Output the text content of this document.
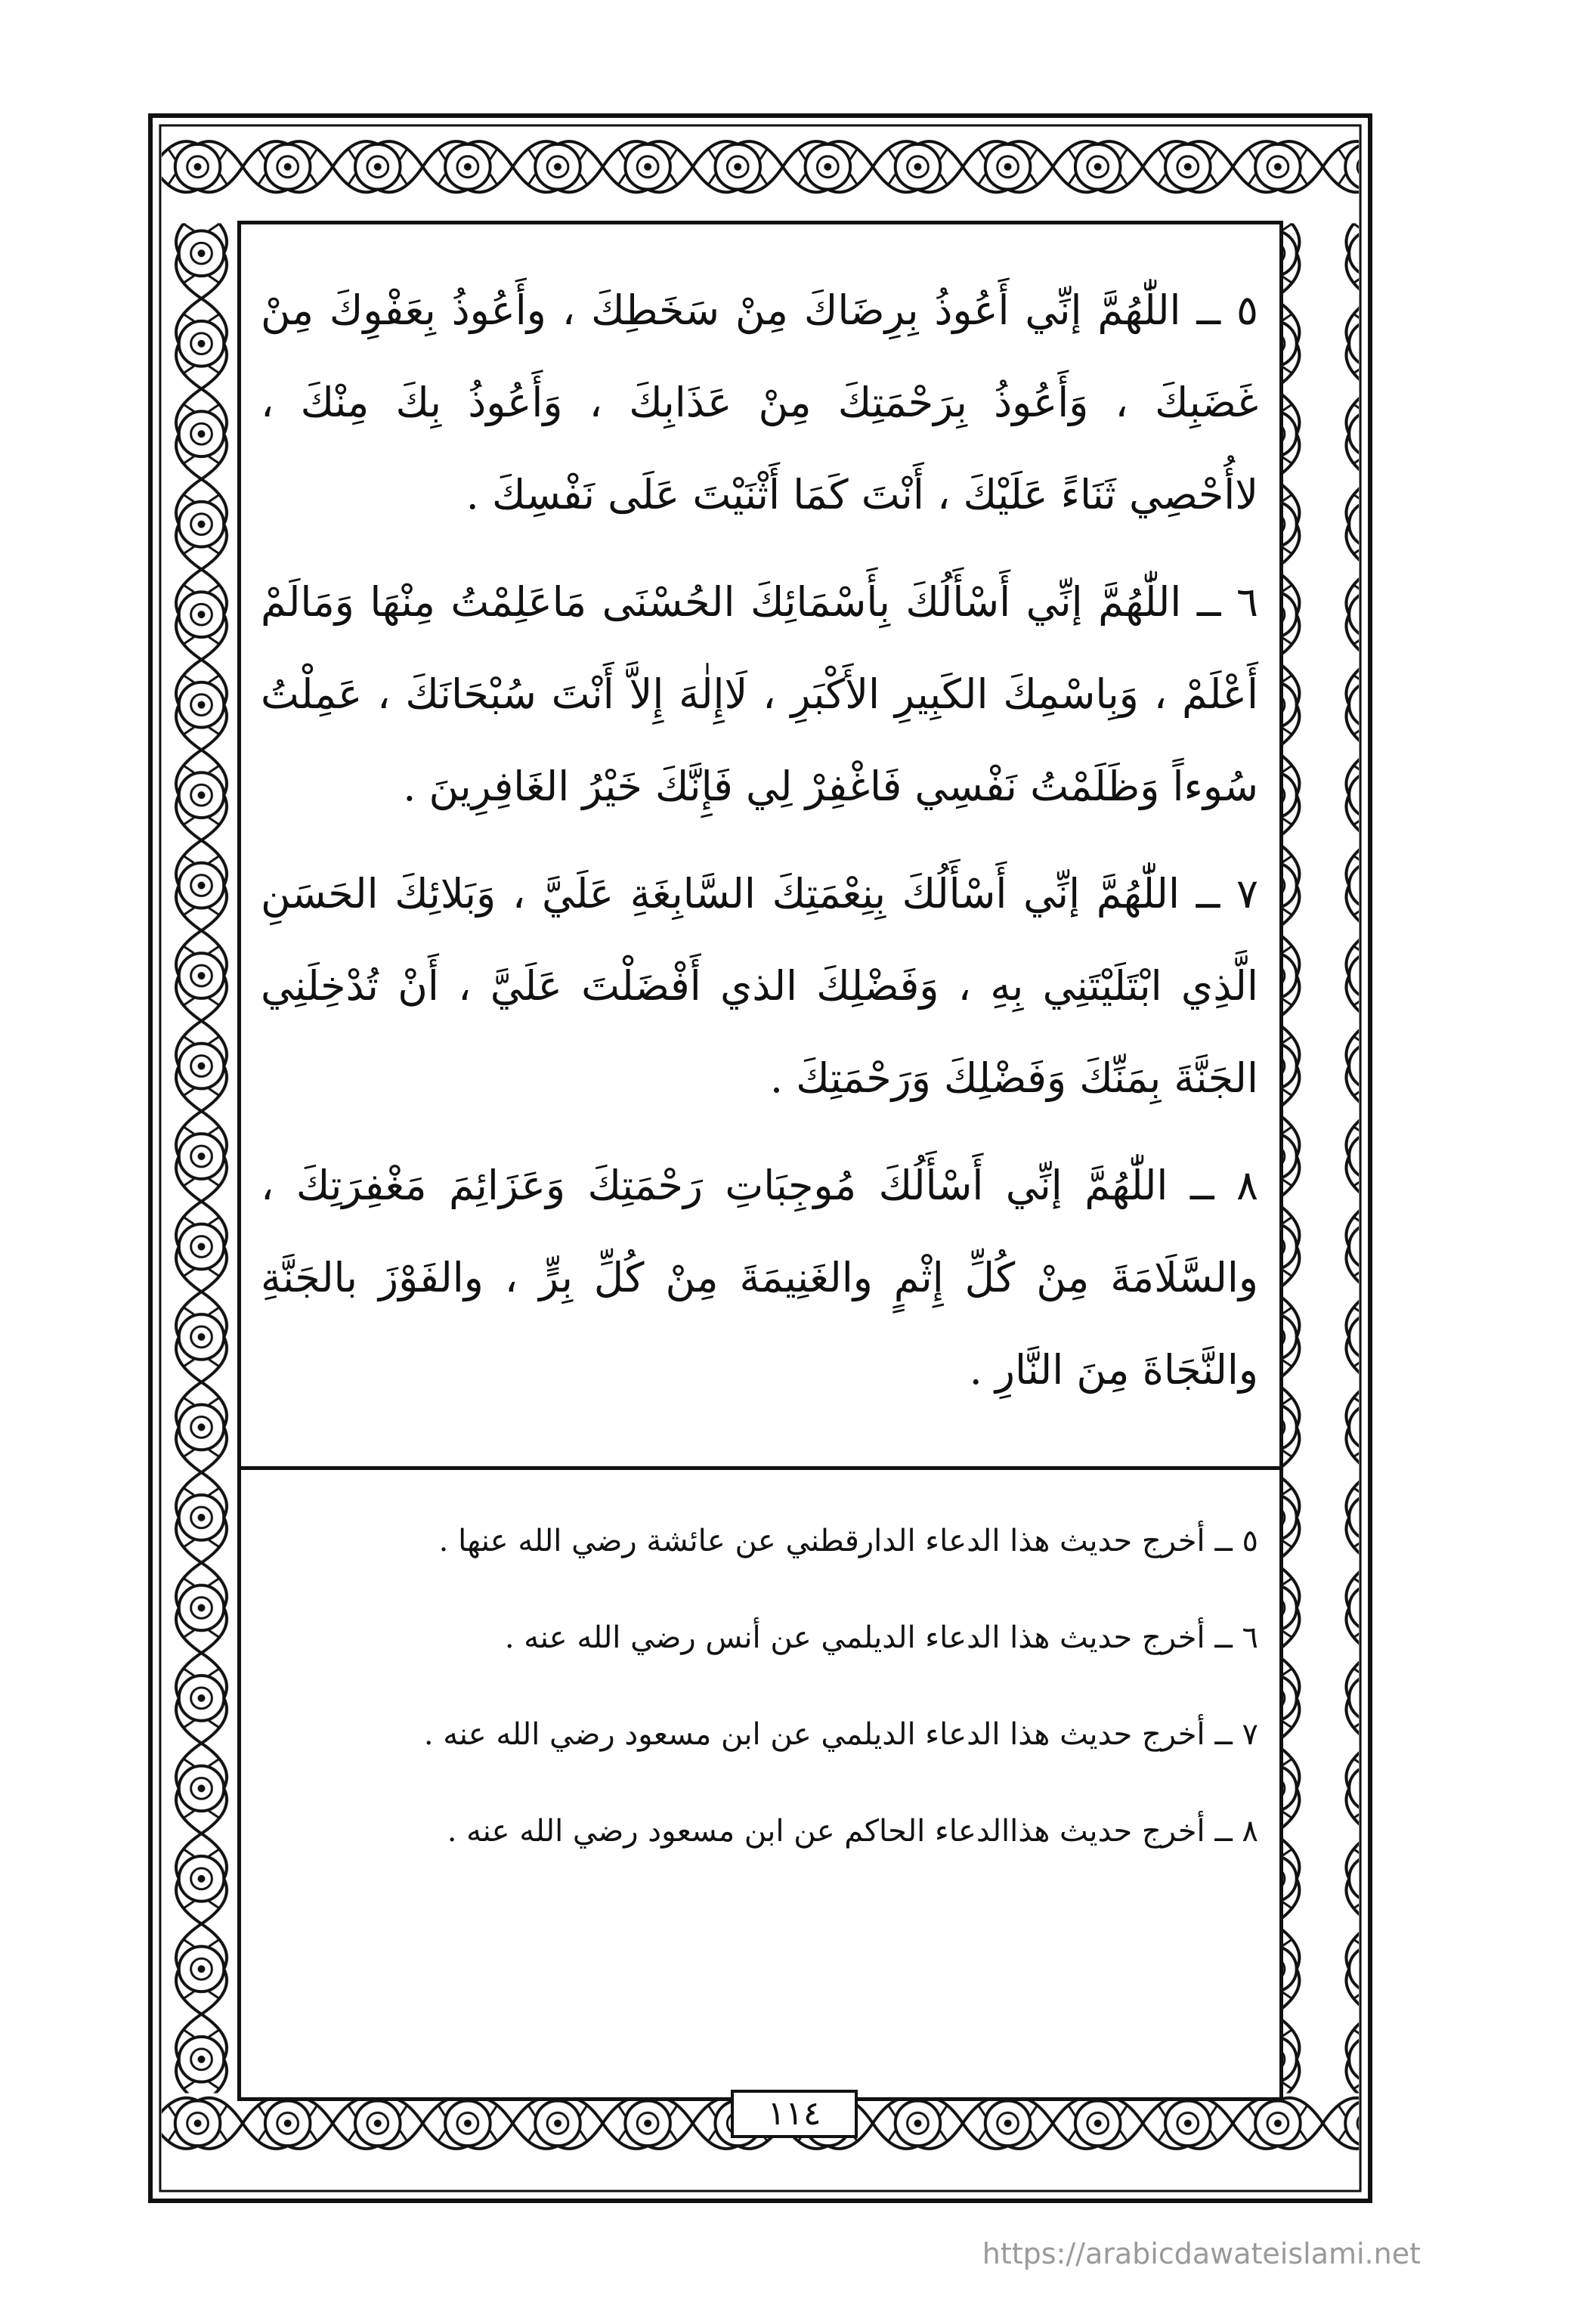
٥ ــ اللّٰهُمَّ إنِّي أَعُوذُ بِرِضَاكَ مِنْ سَخَطِكَ ، وأَعُوذُ بِعَفْوِكَ مِنْ غَضَبِكَ ، وَأَعُوذُ بِرَحْمَتِكَ مِنْ عَذَابِكَ ، وَأَعُوذُ بِكَ مِنْكَ ، لاأُحْصِي ثَنَاءً عَلَيْكَ ، أَنْتَ كَمَا أَثْنَيْتَ عَلَى نَفْسِكَ .

٦ ــ اللّٰهُمَّ إنِّي أَسْأَلُكَ بِأَسْمَائِكَ الحُسْنَى مَاعَلِمْتُ مِنْهَا وَمَالَمْ أَعْلَمْ ، وَبِاسْمِكَ الكَبِيرِ الأَكْبَرِ ، لَاإِلٰهَ إِلاَّ أَنْتَ سُبْحَانَكَ ، عَمِلْتُ سُوءاً وَظَلَمْتُ نَفْسِي فَاغْفِرْ لِي فَإِنَّكَ خَيْرُ الغَافِرِينَ .

٧ ــ اللّٰهُمَّ إنِّي أَسْأَلُكَ بِنِعْمَتِكَ السَّابِغَةِ عَلَيَّ ، وَبَلائِكَ الحَسَنِ الَّذِي ابْتَلَيْتَنِي بِهِ ، وَفَضْلِكَ الذي أَفْضَلْتَ عَلَيَّ ، أَنْ تُدْخِلَنِي الجَنَّةَ بِمَنِّكَ وَفَضْلِكَ وَرَحْمَتِكَ .

٨ ــ اللّٰهُمَّ إنِّي أَسْأَلُكَ مُوجِبَاتِ رَحْمَتِكَ وَعَزَائِمَ مَغْفِرَتِكَ ، والسَّلَامَةَ مِنْ كُلِّ إِثْمٍ والغَنِيمَةَ مِنْ كُلِّ بِرٍّ ، والفَوْزَ بالجَنَّةِ والنَّجَاةَ مِنَ النَّارِ .

٥ ــ أخرج حديث هذا الدعاء الدارقطني عن عائشة رضي الله عنها .

٦ ــ أخرج حديث هذا الدعاء الديلمي عن أنس رضي الله عنه .

٧ ــ أخرج حديث هذا الدعاء الديلمي عن ابن مسعود رضي الله عنه .

٨ ــ أخرج حديث هذاالدعاء الحاكم عن ابن مسعود رضي الله عنه .

١١٤
https://arabicdawateislami.net
